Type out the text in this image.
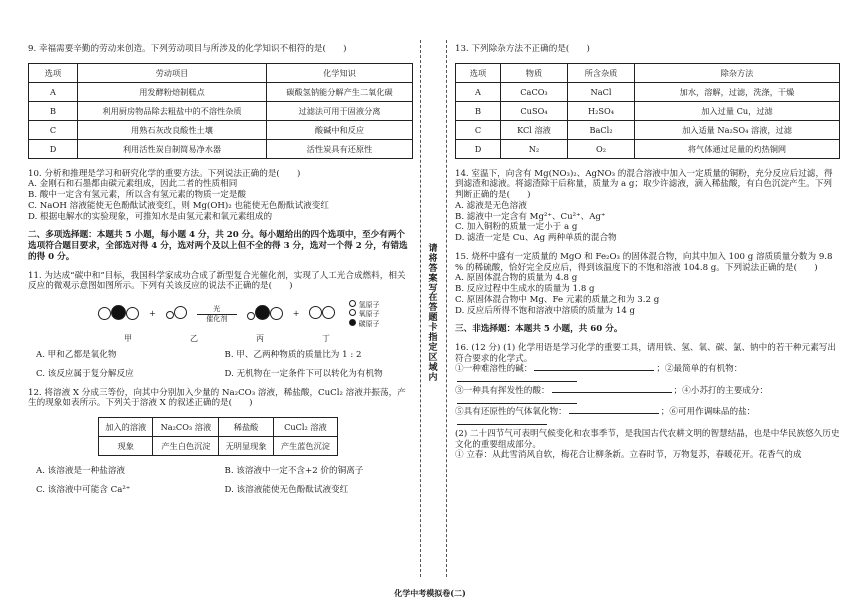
9. 幸福需要辛勤的劳动来创造。下列劳动项目与所涉及的化学知识不相符的是(　　)

选项	劳动项目	化学知识
A	用发酵粉焙制糕点	碳酸氢钠能分解产生二氧化碳
B	利用厨房物品除去粗盐中的不溶性杂质	过滤法可用于固液分离
C	用熟石灰改良酸性土壤	酸碱中和反应
D	利用活性炭自制简易净水器	活性炭具有还原性

10. 分析和推理是学习和研究化学的重要方法。下列说法正确的是(　　)

A. 金刚石和石墨都由碳元素组成，因此二者的性质相同

B. 酸中一定含有氢元素，所以含有氢元素的物质一定是酸

C. NaOH 溶液能使无色酚酞试液变红，则 Mg(OH)₂ 也能使无色酚酞试液变红

D. 根据电解水的实验现象，可推知水是由氢元素和氧元素组成的

二、多项选择题：本题共 5 小题，每小题 4 分，共 20 分。每小题给出的四个选项中，至少有两个选项符合题目要求，全部选对得 4 分，选对两个及以上但不全的得 3 分，选对一个得 2 分，有错选的得 0 分。

11. 为达成“碳中和”目标，我国科学家成功合成了新型复合光催化剂，实现了人工光合成燃料，相关反应的微观示意图如图所示。下列有关该反应的说法不正确的是(　　)

+
光
催化剂
+
氢原子
氧原子
碳原子
甲	乙	丙	丁
A. 甲和乙都是氧化物	B. 甲、乙两种物质的质量比为 1 : 2
C. 该反应属于复分解反应	D. 无机物在一定条件下可以转化为有机物

12. 将溶液 X 分成三等份，向其中分别加入少量的 Na₂CO₃ 溶液，稀盐酸，CuCl₂ 溶液并振荡，产生的现象如表所示。下列关于溶液 X 的叙述正确的是(　　)

加入的溶液	Na₂CO₃ 溶液	稀盐酸	CuCl₂ 溶液
现象	产生白色沉淀	无明显现象	产生蓝色沉淀
A. 该溶液是一种盐溶液	B. 该溶液中一定不含+2 价的铜离子
C. 该溶液中可能含 Ca²⁺	D. 该溶液能使无色酚酞试液变红
请将答案写在答题卡指定区域内

13. 下列除杂方法不正确的是(　　)

选项	物质	所含杂质	除杂方法
A	CaCO₃	NaCl	加水，溶解，过滤，洗涤，干燥
B	CuSO₄	H₂SO₄	加入过量 Cu，过滤
C	KCl 溶液	BaCl₂	加入适量 Na₂SO₄ 溶液，过滤
D	N₂	O₂	将气体通过足量的灼热铜网

14. 室温下，向含有 Mg(NO₃)₂、AgNO₃ 的混合溶液中加入一定质量的铜粉，充分反应后过滤，得到滤渣和滤液。将滤渣除干后称量，质量为 a g；取少许滤液，滴入稀盐酸，有白色沉淀产生。下列判断正确的是(　　)

A. 滤液是无色溶液

B. 滤液中一定含有 Mg²⁺、Cu²⁺、Ag⁺

C. 加入铜粉的质量一定小于 a g

D. 滤渣一定是 Cu、Ag 两种单质的混合物

15. 烧杯中盛有一定质量的 MgO 和 Fe₂O₃ 的固体混合物，向其中加入 100 g 溶质质量分数为 9.8 % 的稀硫酸，恰好完全反应后，得到该温度下的不饱和溶液 104.8 g。下列说法正确的是(　　)

A. 原固体混合物的质量为 4.8 g

B. 反应过程中生成水的质量为 1.8 g

C. 原固体混合物中 Mg、Fe 元素的质量之和为 3.2 g

D. 反应后所得不饱和溶液中溶质的质量为 14 g

三、非选择题：本题共 5 小题，共 60 分。

16. (12 分) (1) 化学用语是学习化学的重要工具，请用铁、氢、氧、碳、氯、钠中的若干种元素写出符合要求的化学式。

①一种难溶性的碱：	；②最简单的有机物：

③一种具有挥发性的酸：	；④小苏打的主要成分：

⑤具有还原性的气体氧化物：	；⑥可用作调味品的盐：

(2) 二十四节气可表明气候变化和农事季节，是我国古代农耕文明的智慧结晶，也是中华民族悠久历史文化的重要组成部分。

① 立春：从此雪消风自软，梅花合让柳条新。立春时节，万物复苏，春暖花开。花香气的成

化学中考模拟卷(二)
